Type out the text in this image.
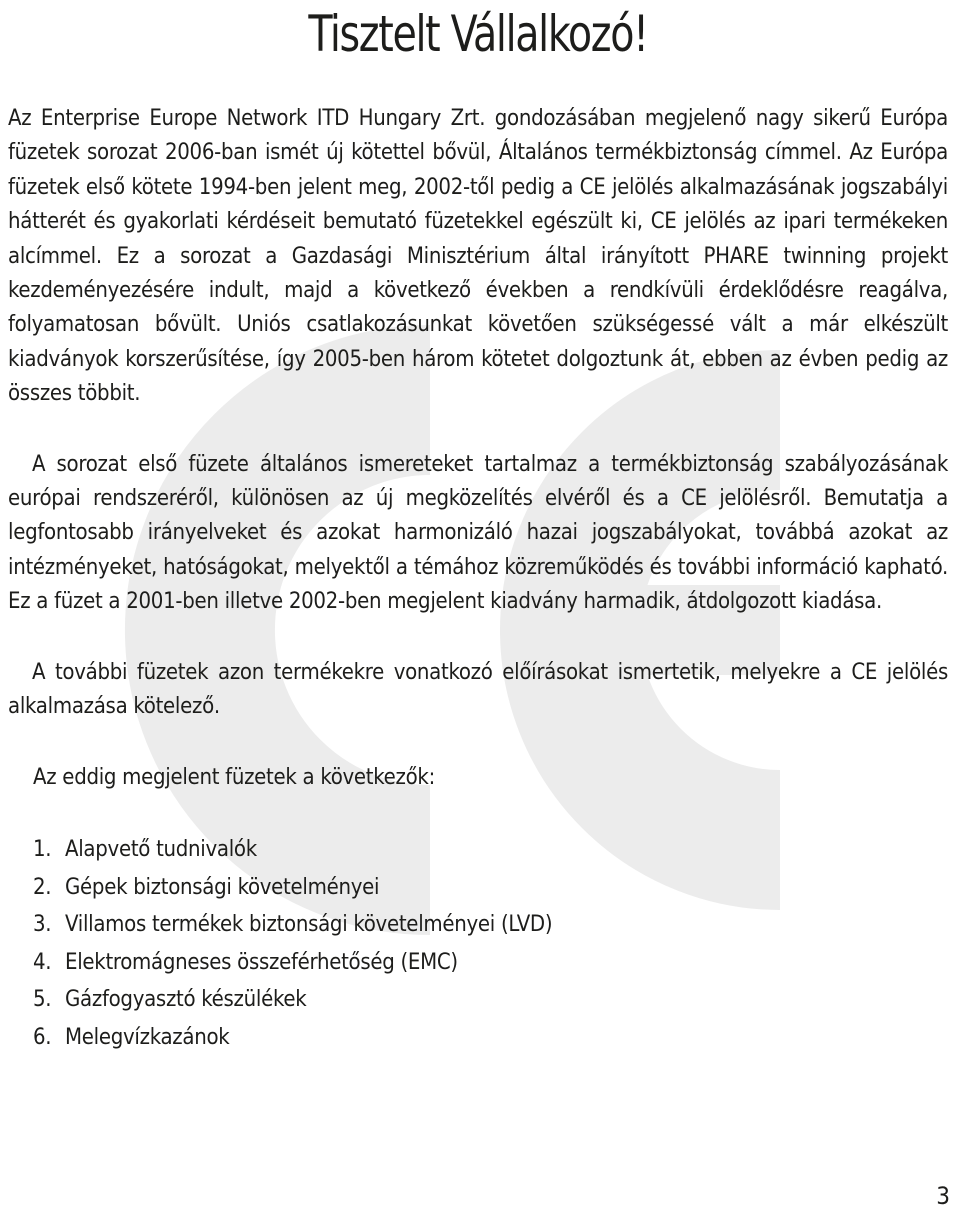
Tisztelt Vállalkozó!

Az Enterprise Europe Network ITD Hungary Zrt. gondozásában megjelenő nagy sikerű Európa füzetek sorozat 2006-ban ismét új kötettel bővül, Általános termékbiztonság címmel. Az Európa füzetek első kötete 1994-ben jelent meg, 2002-től pedig a CE jelölés alkalmazásának jogszabályi hátterét és gyakorlati kérdéseit bemutató füzetekkel egészült ki, CE jelölés az ipari termékeken alcímmel. Ez a sorozat a Gazdasági Minisztérium által irányított PHARE twinning projekt kezdeményezésére indult, majd a következő években a rendkívüli érdeklődésre reagálva, folyamatosan bővült. Uniós csatlakozásunkat követően szükségessé vált a már elkészült kiadványok korszerűsítése, így 2005-ben három kötetet dolgoztunk át, ebben az évben pedig az összes többit.

A sorozat első füzete általános ismereteket tartalmaz a termékbiztonság szabályozásának európai rendszeréről, különösen az új megközelítés elvéről és a CE jelölésről. Bemutatja a legfontosabb irányelveket és azokat harmonizáló hazai jogszabályokat, továbbá azokat az intézményeket, hatóságokat, melyektől a témához közreműködés és további információ kapható. Ez a füzet a 2001-ben illetve 2002-ben megjelent kiadvány harmadik, átdolgozott kiadása.

A további füzetek azon termékekre vonatkozó előírásokat ismertetik, melyekre a CE jelölés alkalmazása kötelező.

Az eddig megjelent füzetek a következők:

1. Alapvető tudnivalók
2. Gépek biztonsági követelményei
3. Villamos termékek biztonsági követelményei (LVD)
4. Elektromágneses összeférhetőség (EMC)
5. Gázfogyasztó készülékek
6. Melegvízkazánok
3
